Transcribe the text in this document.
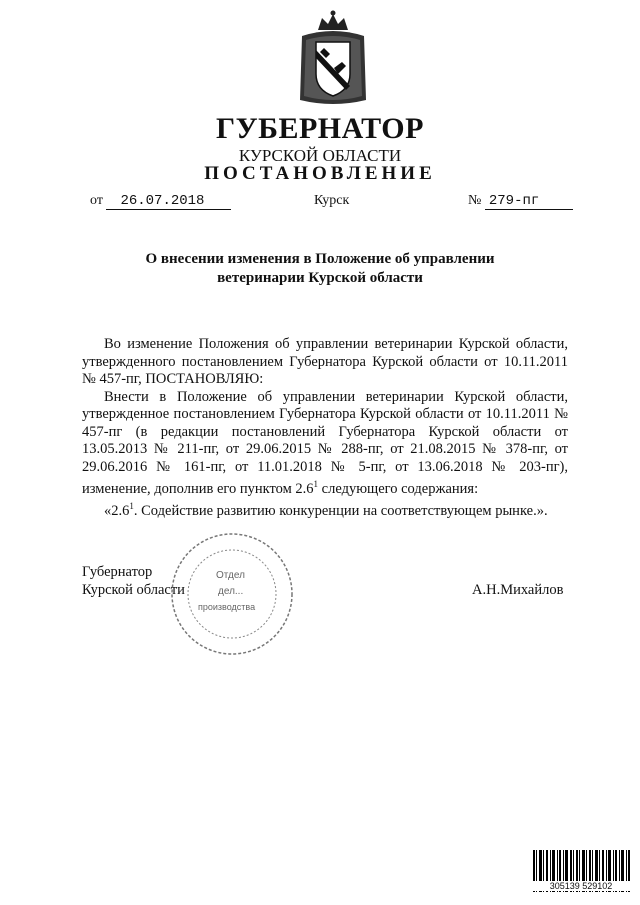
ГУБЕРНАТОР
КУРСКОЙ ОБЛАСТИ
ПОСТАНОВЛЕНИЕ
от 26.07.2018	Курск	№ 279-пг
О внесении изменения в Положение об управлении
ветеринарии Курской области

Во изменение Положения об управлении ветеринарии Курской области, утвержденного постановлением Губернатора Курской области от 10.11.2011 № 457-пг, ПОСТАНОВЛЯЮ:

Внести в Положение об управлении ветеринарии Курской области, утвержденное постановлением Губернатора Курской области от 10.11.2011 № 457-пг (в редакции постановлений Губернатора Курской области от 13.05.2013 № 211-пг, от 29.06.2015 № 288-пг, от 21.08.2015 № 378-пг, от 29.06.2016 № 161-пг, от 11.01.2018 № 5-пг, от 13.06.2018 № 203-пг), изменение, дополнив его пунктом $2.6^1$ следующего содержания:

«$2.6^1$. Содействие развитию конкуренции на соответствующем рынке.».

Отдел
дел...
производства
Губернатор
Курской области	А.Н.Михайлов
305139 529102
